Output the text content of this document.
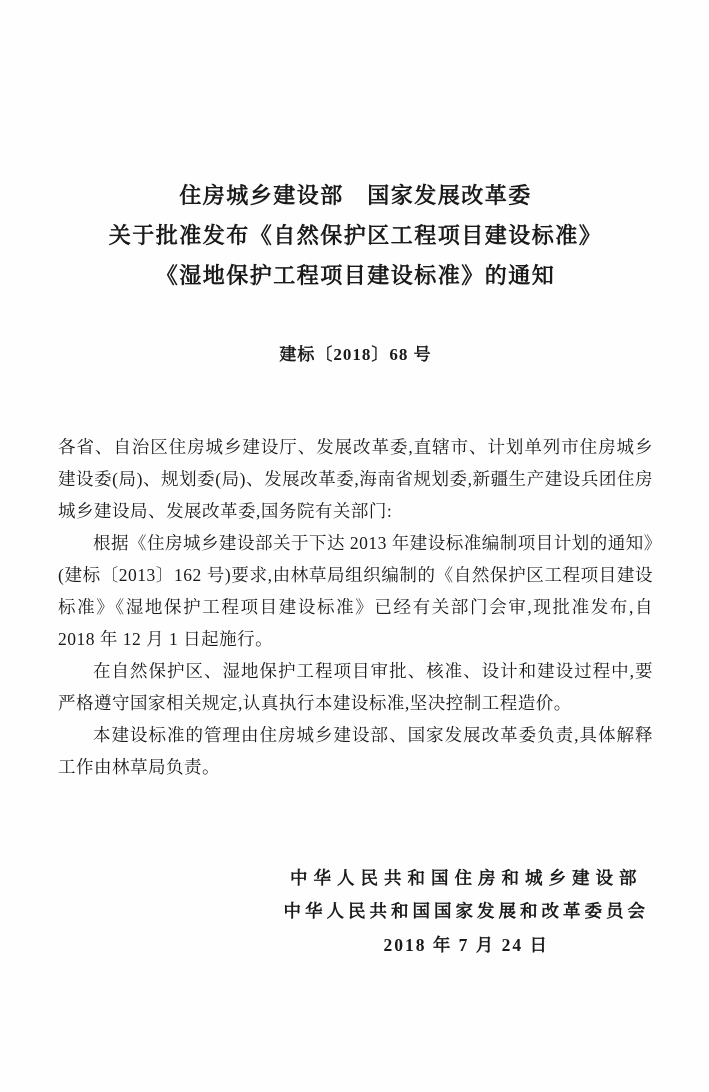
住房城乡建设部　国家发展改革委
关于批准发布《自然保护区工程项目建设标准》
《湿地保护工程项目建设标准》的通知
建标〔2018〕68 号

各省、自治区住房城乡建设厅、发展改革委,直辖市、计划单列市住房城乡建设委(局)、规划委(局)、发展改革委,海南省规划委,新疆生产建设兵团住房城乡建设局、发展改革委,国务院有关部门:

根据《住房城乡建设部关于下达 2013 年建设标准编制项目计划的通知》(建标〔2013〕162 号)要求,由林草局组织编制的《自然保护区工程项目建设标准》《湿地保护工程项目建设标准》已经有关部门会审,现批准发布,自 2018 年 12 月 1 日起施行。

在自然保护区、湿地保护工程项目审批、核准、设计和建设过程中,要严格遵守国家相关规定,认真执行本建设标准,坚决控制工程造价。

本建设标准的管理由住房城乡建设部、国家发展改革委负责,具体解释工作由林草局负责。

中华人民共和国住房和城乡建设部
中华人民共和国国家发展和改革委员会
2018 年 7 月 24 日
